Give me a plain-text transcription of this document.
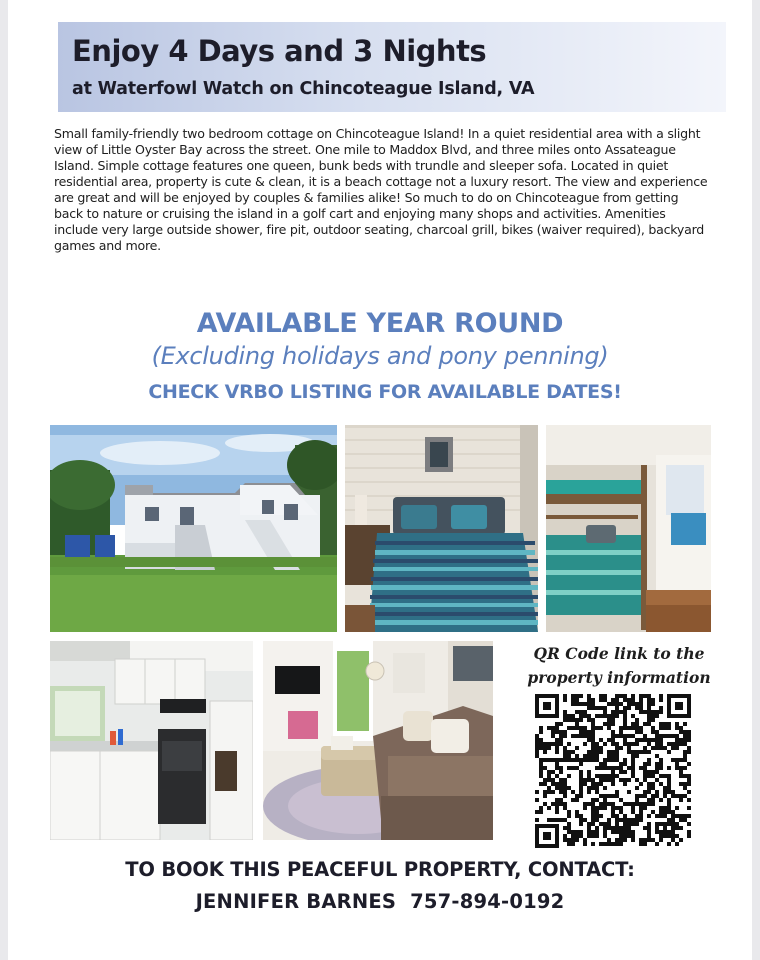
Enjoy 4 Days and 3 Nights
at Waterfowl Watch on Chincoteague Island, VA

Small family-friendly two bedroom cottage on Chincoteague Island! In a quiet residential area with a slight view of Little Oyster Bay across the street. One mile to Maddox Blvd, and three miles onto Assateague Island. Simple cottage features one queen, bunk beds with trundle and sleeper sofa. Located in quiet residential area, property is cute & clean, it is a beach cottage not a luxury resort. The view and experience are great and will be enjoyed by couples & families alike! So much to do on Chincoteague from getting back to nature or cruising the island in a golf cart and enjoying many shops and activities. Amenities include very large outside shower, fire pit, outdoor seating, charcoal grill, bikes (waiver required), backyard games and more.

AVAILABLE YEAR ROUND
(Excluding holidays and pony penning)
CHECK VRBO LISTING FOR AVAILABLE DATES!
QR Code link to the
property information
TO BOOK THIS PEACEFUL PROPERTY, CONTACT:
JENNIFER BARNES  757-894-0192
